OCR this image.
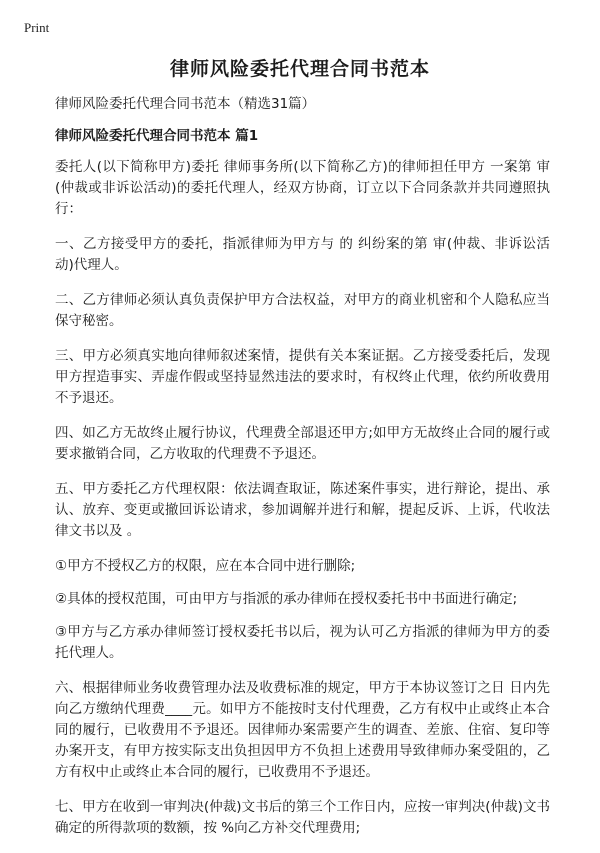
Print
律师风险委托代理合同书范本

律师风险委托代理合同书范本（精选31篇）

律师风险委托代理合同书范本 篇1

委托人(以下简称甲方)委托 律师事务所(以下简称乙方)的律师担任甲方 一案第 审(仲裁或非诉讼活动)的委托代理人，经双方协商，订立以下合同条款并共同遵照执行：

一、乙方接受甲方的委托，指派律师为甲方与 的 纠纷案的第 审(仲裁、非诉讼活动)代理人。

二、乙方律师必须认真负责保护甲方合法权益，对甲方的商业机密和个人隐私应当保守秘密。

三、甲方必须真实地向律师叙述案情，提供有关本案证据。乙方接受委托后，发现甲方捏造事实、弄虚作假或坚持显然违法的要求时，有权终止代理，依约所收费用不予退还。

四、如乙方无故终止履行协议，代理费全部退还甲方;如甲方无故终止合同的履行或要求撤销合同，乙方收取的代理费不予退还。

五、甲方委托乙方代理权限：依法调查取证，陈述案件事实，进行辩论，提出、承认、放弃、变更或撤回诉讼请求，参加调解并进行和解，提起反诉、上诉，代收法律文书以及 。

①甲方不授权乙方的权限，应在本合同中进行删除;

②具体的授权范围，可由甲方与指派的承办律师在授权委托书中书面进行确定;

③甲方与乙方承办律师签订授权委托书以后，视为认可乙方指派的律师为甲方的委托代理人。

六、根据律师业务收费管理办法及收费标准的规定，甲方于本协议签订之日 日内先向乙方缴纳代理费____元。如甲方不能按时支付代理费，乙方有权中止或终止本合同的履行，已收费用不予退还。因律师办案需要产生的调查、差旅、住宿、复印等办案开支，有甲方按实际支出负担因甲方不负担上述费用导致律师办案受阻的，乙方有权中止或终止本合同的履行，已收费用不予退还。

七、甲方在收到一审判决(仲裁)文书后的第三个工作日内，应按一审判决(仲裁)文书确定的所得款项的数额，按 %向乙方补交代理费用;
